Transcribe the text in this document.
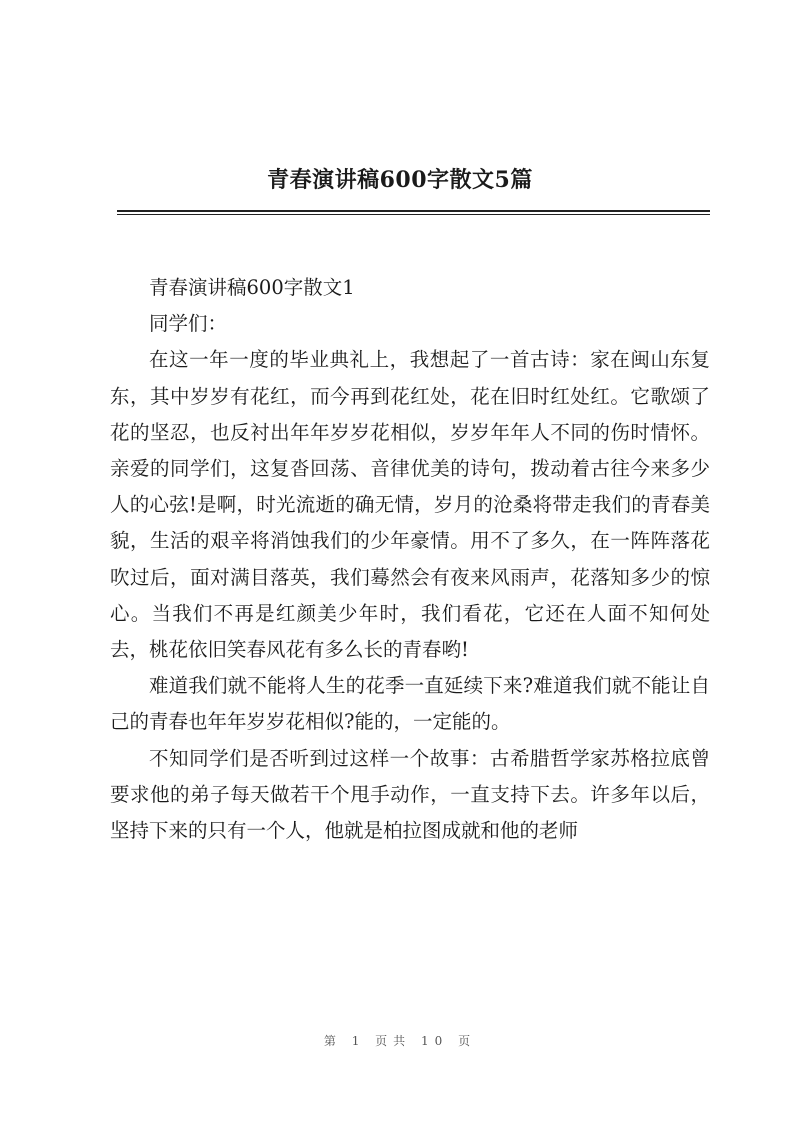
青春演讲稿600字散文5篇

青春演讲稿600字散文1

同学们：

在这一年一度的毕业典礼上，我想起了一首古诗：家在闽山东复东，其中岁岁有花红，而今再到花红处，花在旧时红处红。它歌颂了花的坚忍，也反衬出年年岁岁花相似，岁岁年年人不同的伤时情怀。亲爱的同学们，这复沓回荡、音律优美的诗句，拨动着古往今来多少人的心弦!是啊，时光流逝的确无情，岁月的沧桑将带走我们的青春美貌，生活的艰辛将消蚀我们的少年豪情。用不了多久，在一阵阵落花吹过后，面对满目落英，我们蓦然会有夜来风雨声，花落知多少的惊心。当我们不再是红颜美少年时，我们看花，它还在人面不知何处去，桃花依旧笑春风花有多么长的青春哟!

难道我们就不能将人生的花季一直延续下来?难道我们就不能让自己的青春也年年岁岁花相似?能的，一定能的。

不知同学们是否听到过这样一个故事：古希腊哲学家苏格拉底曾要求他的弟子每天做若干个甩手动作，一直支持下去。许多年以后，坚持下来的只有一个人，他就是柏拉图成就和他的老师

第 1 页共 10 页
